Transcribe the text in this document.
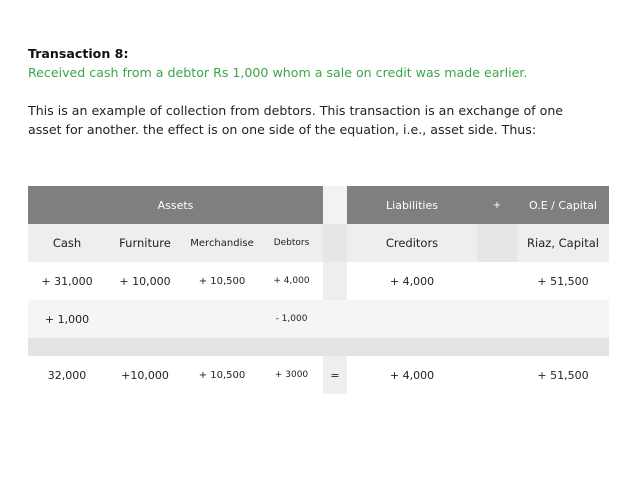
Transaction 8:
Received cash from a debtor Rs 1,000 whom a sale on credit was made earlier.
This is an example of collection from debtors. This transaction is an exchange of one
asset for another. the effect is on one side of the equation, i.e., asset side. Thus:
Assets					Liabilities	+	O.E / Capital
Cash	Furniture	Merchandise	Debtors		Creditors		Riaz, Capital
+ 31,000	+ 10,000	+ 10,500	+ 4,000		+ 4,000		+ 51,500
+ 1,000			- 1,000				

32,000	+10,000	+ 10,500	+ 3000	=	+ 4,000		+ 51,500
